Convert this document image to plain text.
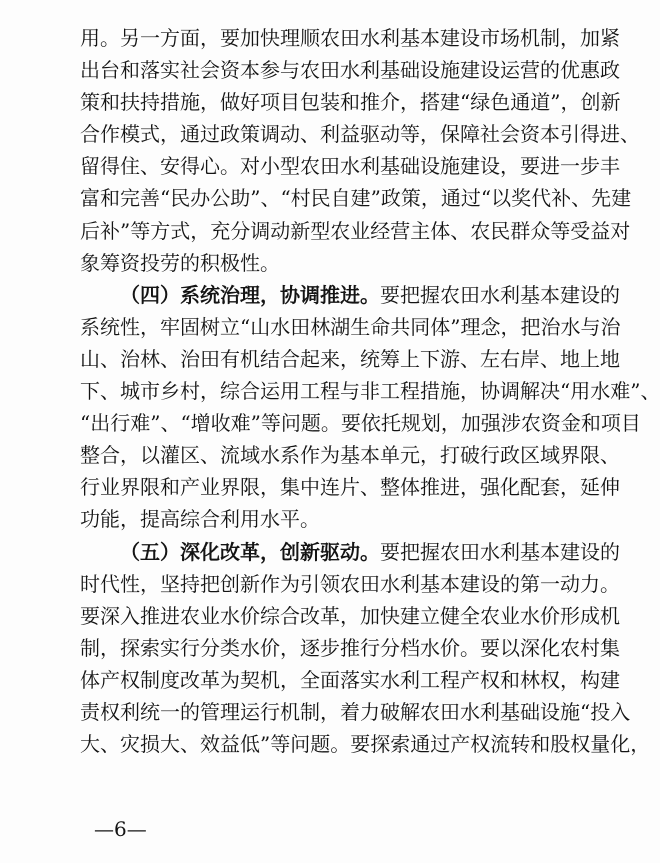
用。另一方面，要加快理顺农田水利基本建设市场机制，加紧
出台和落实社会资本参与农田水利基础设施建设运营的优惠政
策和扶持措施，做好项目包装和推介，搭建“绿色通道”，创新
合作模式，通过政策调动、利益驱动等，保障社会资本引得进、
留得住、安得心。对小型农田水利基础设施建设，要进一步丰
富和完善“民办公助”、“村民自建”政策，通过“以奖代补、先建
后补”等方式，充分调动新型农业经营主体、农民群众等受益对
象筹资投劳的积极性。
（四）系统治理，协调推进。要把握农田水利基本建设的
系统性，牢固树立“山水田林湖生命共同体”理念，把治水与治
山、治林、治田有机结合起来，统筹上下游、左右岸、地上地
下、城市乡村，综合运用工程与非工程措施，协调解决“用水难”、
“出行难”、“增收难”等问题。要依托规划，加强涉农资金和项目
整合，以灌区、流域水系作为基本单元，打破行政区域界限、
行业界限和产业界限，集中连片、整体推进，强化配套，延伸
功能，提高综合利用水平。
（五）深化改革，创新驱动。要把握农田水利基本建设的
时代性，坚持把创新作为引领农田水利基本建设的第一动力。
要深入推进农业水价综合改革，加快建立健全农业水价形成机
制，探索实行分类水价，逐步推行分档水价。要以深化农村集
体产权制度改革为契机，全面落实水利工程产权和林权，构建
责权利统一的管理运行机制，着力破解农田水利基础设施“投入
大、灾损大、效益低”等问题。要探索通过产权流转和股权量化，
—6—
